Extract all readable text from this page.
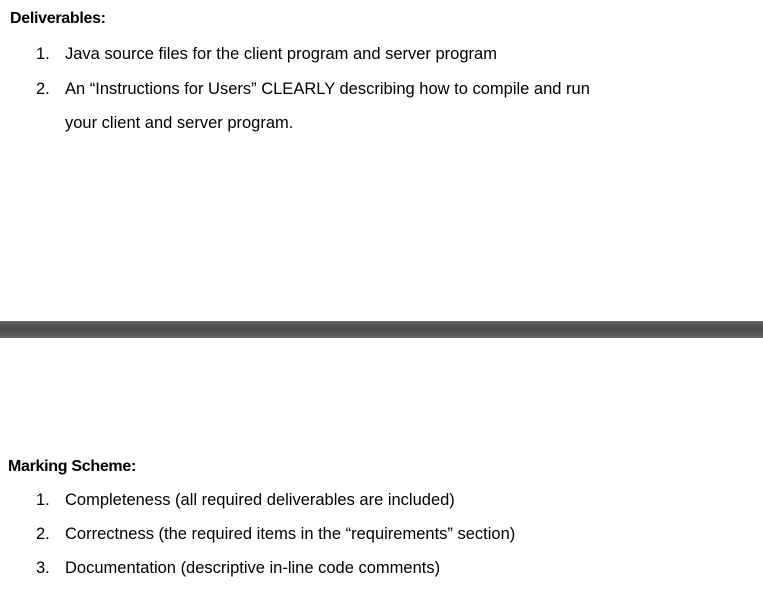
Deliverables:
1. Java source files for the client program and server program
2. An “Instructions for Users” CLEARLY describing how to compile and run
your client and server program.
Marking Scheme:
1. Completeness (all required deliverables are included)
2. Correctness (the required items in the “requirements” section)
3. Documentation (descriptive in-line code comments)
